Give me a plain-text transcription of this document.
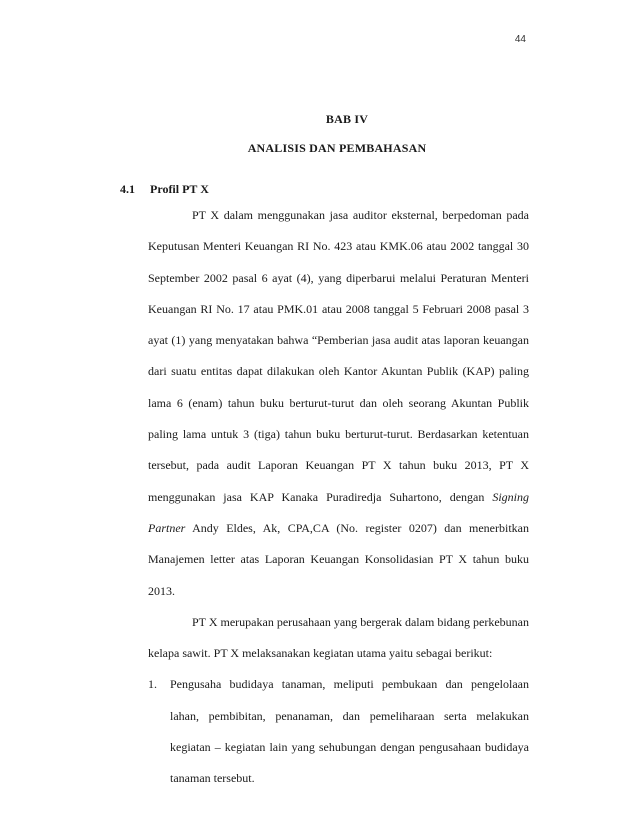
44
BAB IV
ANALISIS DAN PEMBAHASAN
4.1 Profil PT X

PT X dalam menggunakan jasa auditor eksternal, berpedoman pada Keputusan Menteri Keuangan RI No. 423 atau KMK.06 atau 2002 tanggal 30 September 2002 pasal 6 ayat (4), yang diperbarui melalui Peraturan Menteri Keuangan RI No. 17 atau PMK.01 atau 2008 tanggal 5 Februari 2008 pasal 3 ayat (1) yang menyatakan bahwa “Pemberian jasa audit atas laporan keuangan dari suatu entitas dapat dilakukan oleh Kantor Akuntan Publik (KAP) paling lama 6 (enam) tahun buku berturut-turut dan oleh seorang Akuntan Publik paling lama untuk 3 (tiga) tahun buku berturut-turut. Berdasarkan ketentuan tersebut, pada audit Laporan Keuangan PT X tahun buku 2013, PT X menggunakan jasa KAP Kanaka Puradiredja Suhartono, dengan Signing Partner Andy Eldes, Ak, CPA,CA (No. register 0207) dan menerbitkan Manajemen letter atas Laporan Keuangan Konsolidasian PT X tahun buku 2013.

PT X merupakan perusahaan yang bergerak dalam bidang perkebunan kelapa sawit. PT X melaksanakan kegiatan utama yaitu sebagai berikut:

1.	Pengusaha budidaya tanaman, meliputi pembukaan dan pengelolaan lahan, pembibitan, penanaman, dan pemeliharaan serta melakukan kegiatan – kegiatan lain yang sehubungan dengan pengusahaan budidaya tanaman tersebut.
